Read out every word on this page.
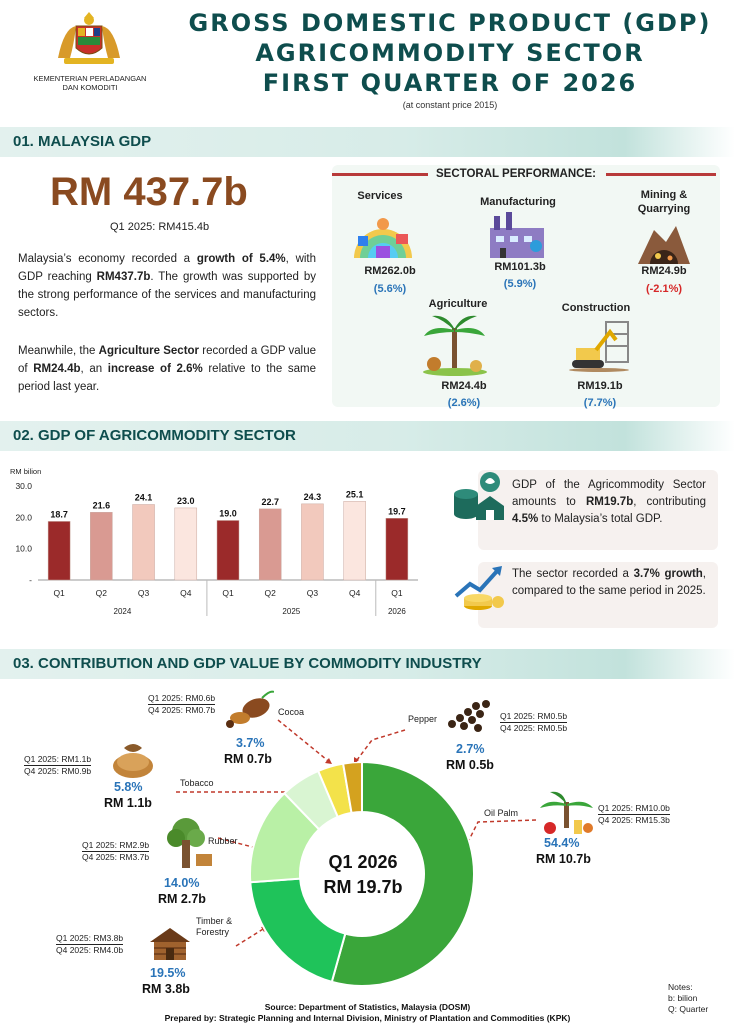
KEMENTERIAN PERLADANGAN DAN KOMODITI
GROSS DOMESTIC PRODUCT (GDP)
AGRICOMMODITY SECTOR
FIRST QUARTER OF 2026
(at constant price 2015)
01. MALAYSIA GDP
RM 437.7b
Q1 2025: RM415.4b
Malaysia’s economy recorded a growth of 5.4%, with GDP reaching RM437.7b. The growth was supported by the strong performance of the services and manufacturing sectors.
Meanwhile, the Agriculture Sector recorded a GDP value of RM24.4b, an increase of 2.6% relative to the same period last year.
SECTORAL PERFORMANCE:
Services
RM262.0b
(5.6%)
Manufacturing
RM101.3b
(5.9%)
Mining &
Quarrying
RM24.9b
(-2.1%)
Agriculture
RM24.4b
(2.6%)
Construction
RM19.1b
(7.7%)
02. GDP OF AGRICOMMODITY SECTOR
RM bilion
30.0
20.0
10.0
-
18.7
Q1
21.6
Q2
24.1
Q3
23.0
Q4
19.0
Q1
22.7
Q2
24.3
Q3
25.1
Q4
19.7
Q1
2024	2025	2026
GDP of the Agricommodity Sector amounts to RM19.7b, contributing 4.5% to Malaysia’s total GDP.
The sector recorded a 3.7% growth, compared to the same period in 2025.
03. CONTRIBUTION AND GDP VALUE BY COMMODITY INDUSTRY
Q1 2026
RM 19.7b
Cocoa
Q1 2025: RM0.6b
Q4 2025: RM0.7b
3.7%
RM 0.7b
Pepper	Q1 2025: RM0.5b
Q4 2025: RM0.5b
2.7%
RM 0.5b
Tobacco
Q1 2025: RM1.1b
Q4 2025: RM0.9b
5.8%
RM 1.1b
Rubber
Q1 2025: RM2.9b
Q4 2025: RM3.7b
14.0%
RM 2.7b
Timber &
Forestry
Q1 2025: RM3.8b
Q4 2025: RM4.0b
19.5%
RM 3.8b
Oil Palm	Q1 2025: RM10.0b
Q4 2025: RM15.3b
54.4%
RM 10.7b
Notes:
b: bilion
Q: Quarter
Source: Department of Statistics, Malaysia (DOSM)
Prepared by: Strategic Planning and Internal Division, Ministry of Plantation and Commodities (KPK)
